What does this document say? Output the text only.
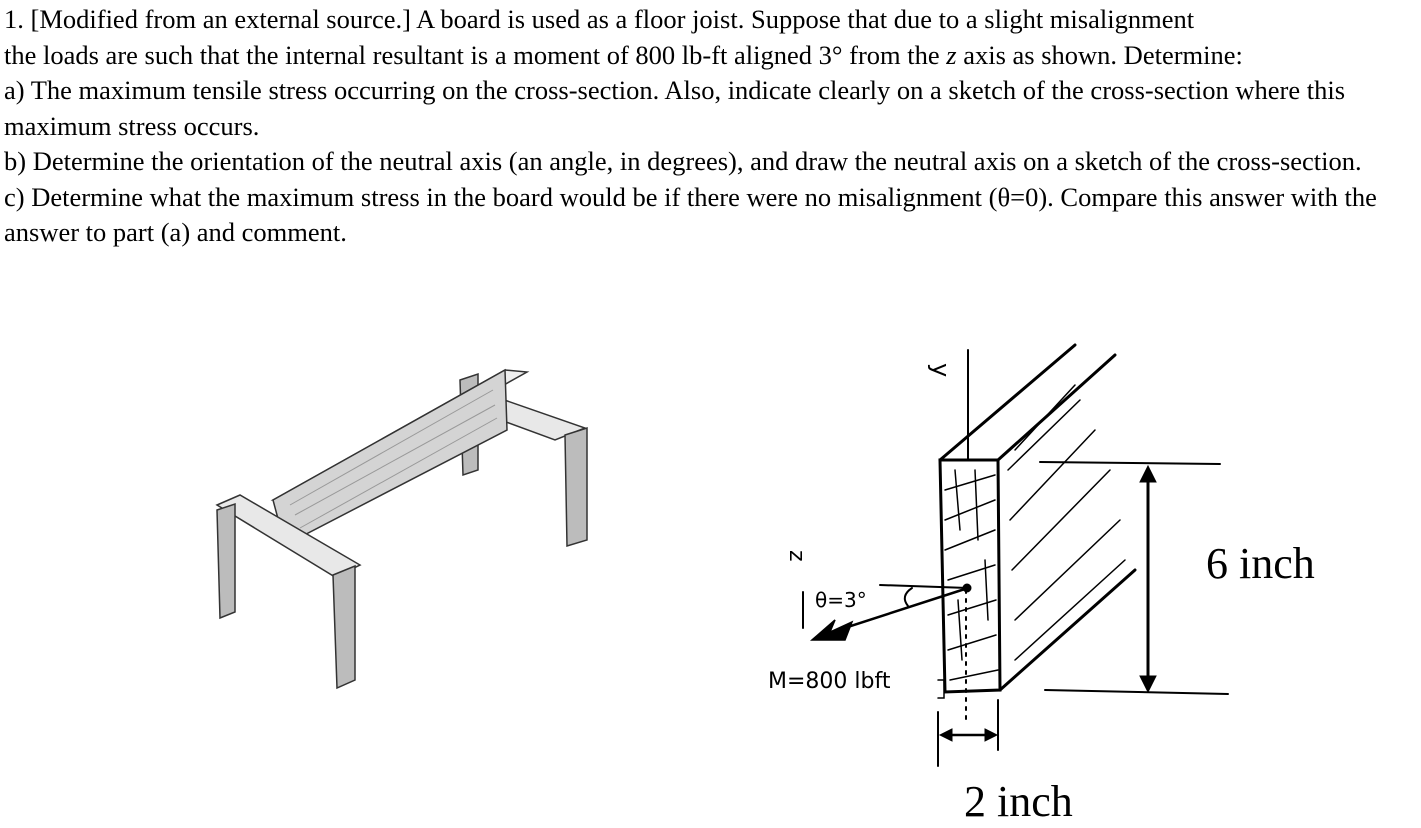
1. [Modified from an external source.] A board is used as a floor joist. Suppose that due to a slight misalignment
the loads are such that the internal resultant is a moment of 800 lb-ft aligned 3° from the z axis as shown. Determine:

a) The maximum tensile stress occurring on the cross-section. Also, indicate clearly on a sketch of the cross-section where this maximum stress occurs.

b) Determine the orientation of the neutral axis (an angle, in degrees), and draw the neutral axis on a sketch of the cross-section.

c) Determine what the maximum stress in the board would be if there were no misalignment (θ=0). Compare this answer with the answer to part (a) and comment.

y
z
θ=3°
M=800 lbft
6 inch
2 inch
